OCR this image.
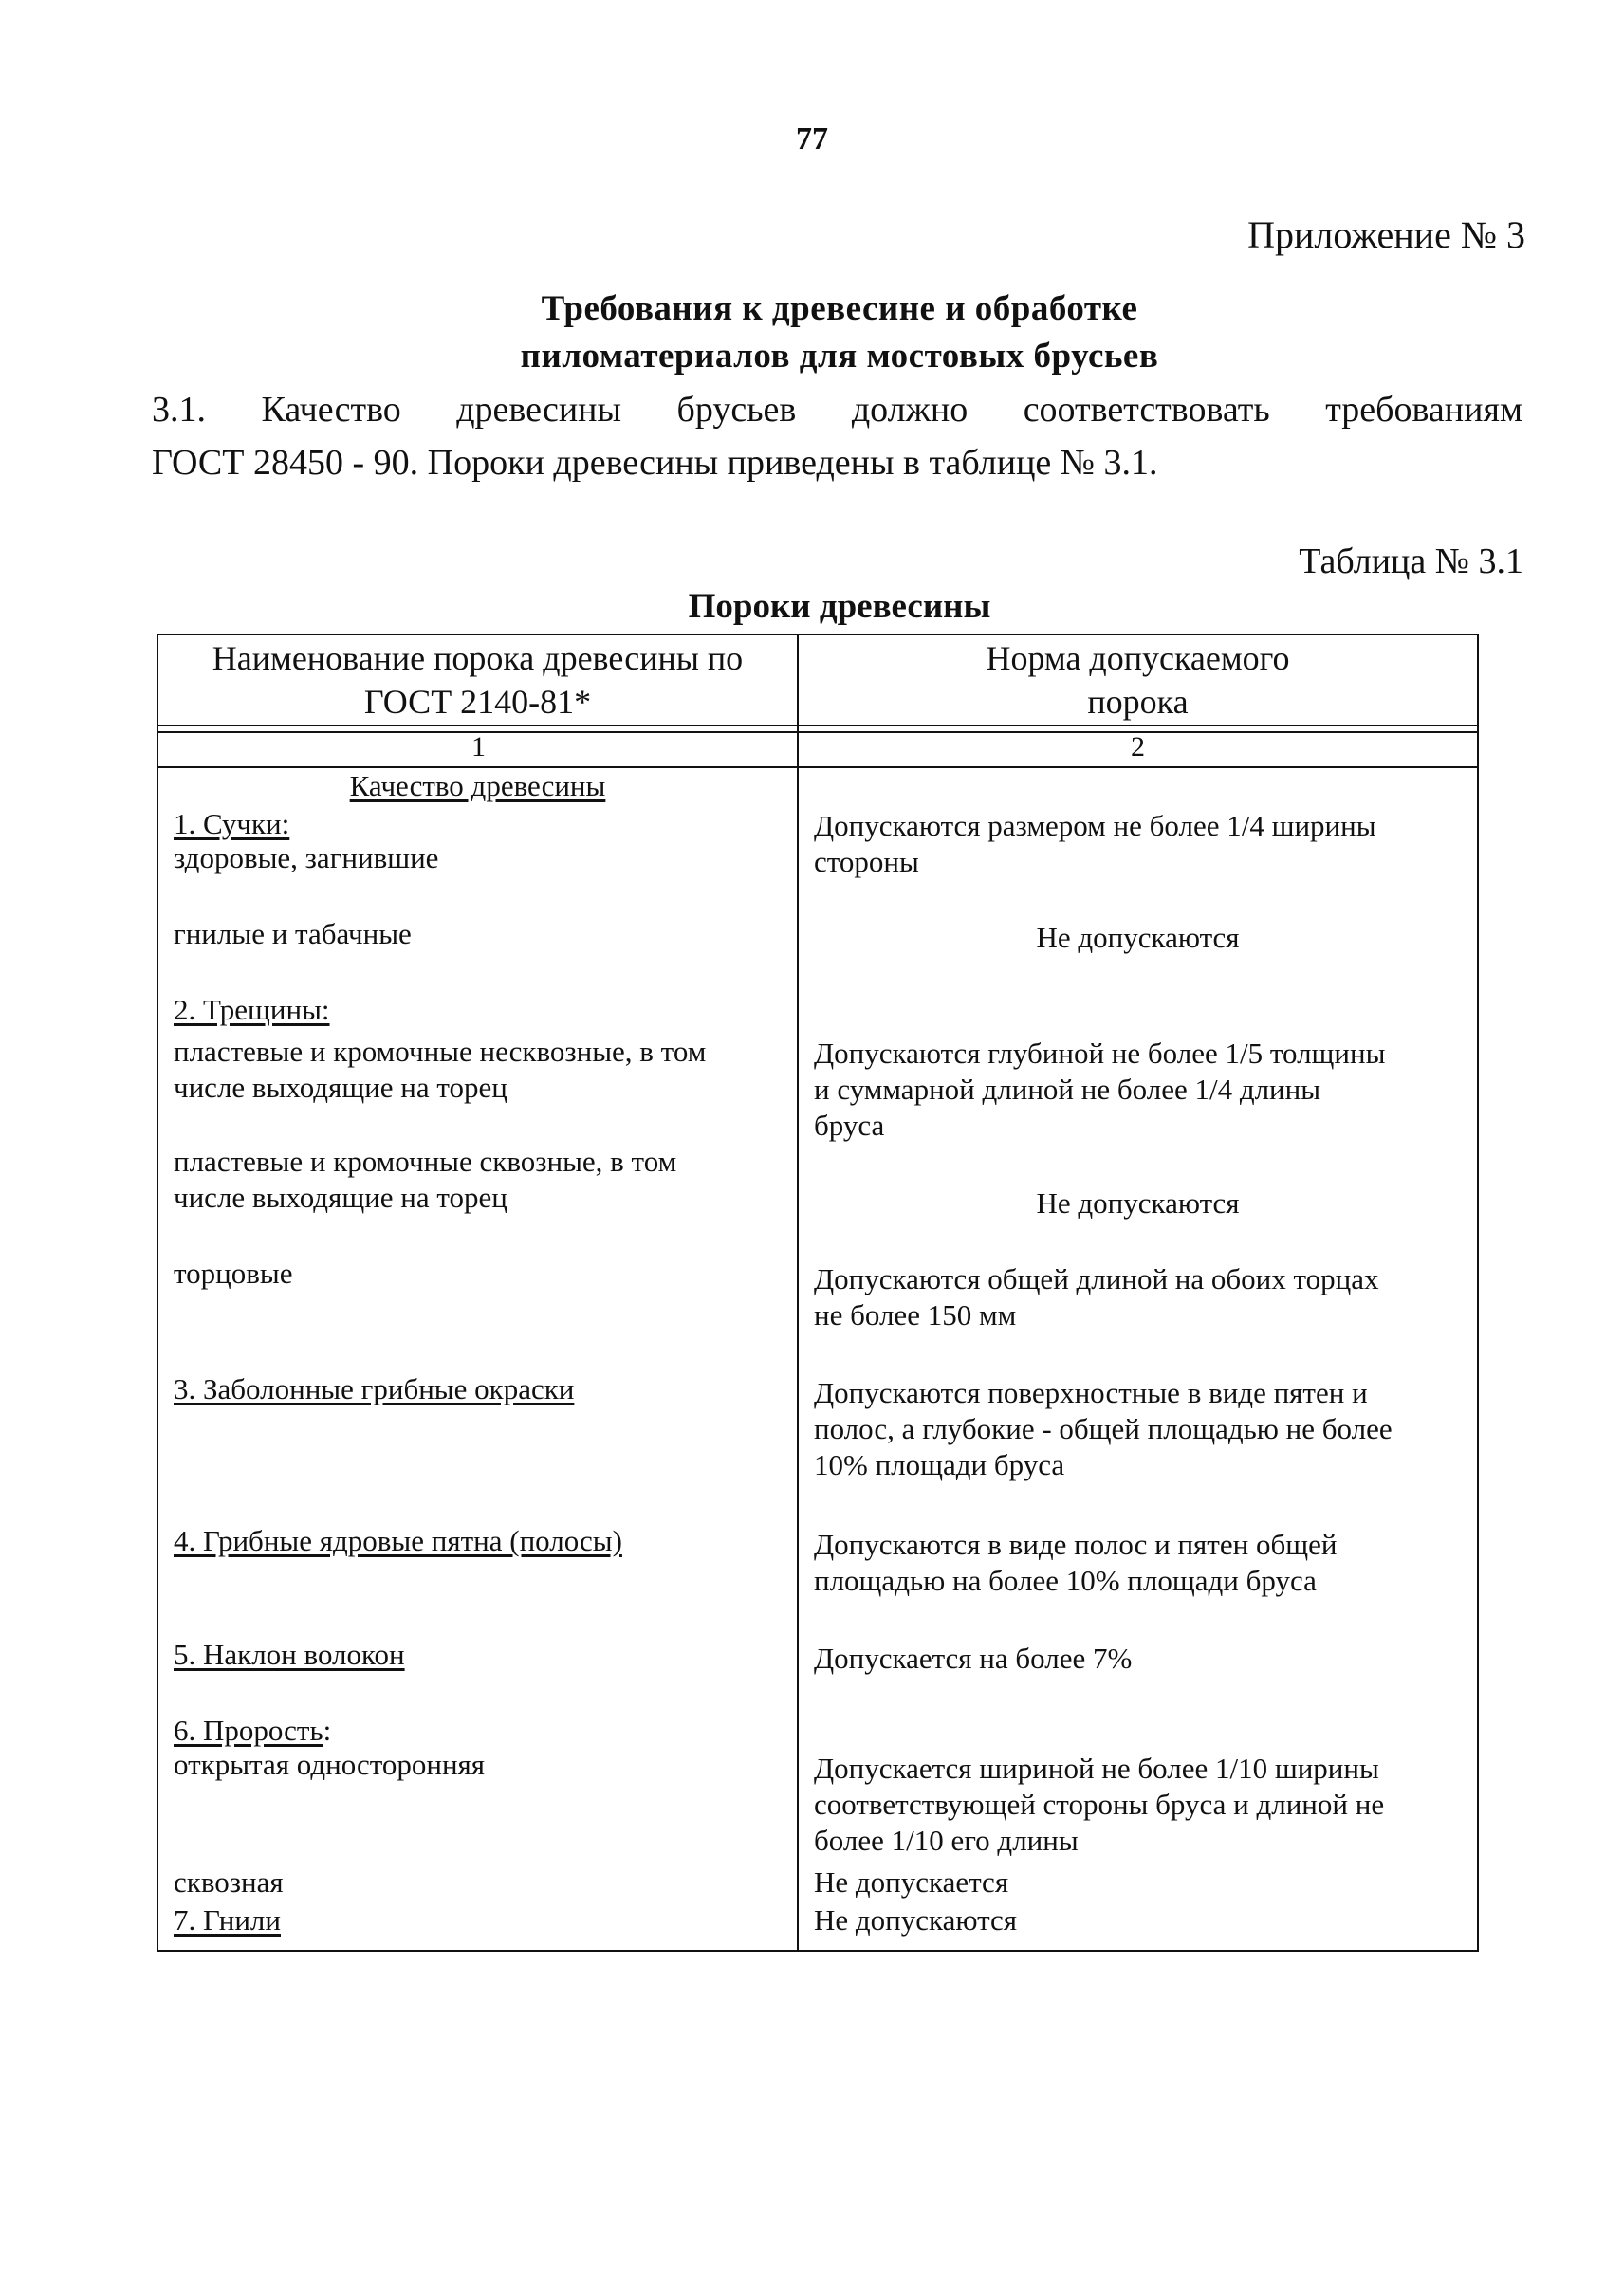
77
Приложение № 3
Требования к древесине и обработке
пиломатериалов для мостовых брусьев
3.1. Качество древесины брусьев должно соответствовать требованиям
ГОСТ 28450 - 90. Пороки древесины приведены в таблице № 3.1.
Таблица № 3.1
Пороки древесины
Наименование порока древесины по
ГОСТ 2140-81*
Норма допускаемого
порока
1	2
Качество древесины
1. Сучки:
здоровые, загнившие
гнилые и табачные
2. Трещины:
пластевые и кромочные несквозные, в том
числе выходящие на торец
пластевые и кромочные сквозные, в том
числе выходящие на торец
торцовые
3. Заболонные грибные окраски
4. Грибные ядровые пятна (полосы)
5. Наклон волокон
6. Прорость:
открытая односторонняя
сквозная
7. Гнили
Допускаются размером не более 1/4 ширины
стороны
Не допускаются
Допускаются глубиной не более 1/5 толщины
и суммарной длиной не более 1/4 длины
бруса
Не допускаются
Допускаются общей длиной на обоих торцах
не более 150 мм
Допускаются поверхностные в виде пятен и
полос, а глубокие - общей площадью не более
10% площади бруса
Допускаются в виде полос и пятен общей
площадью на более 10% площади бруса
Допускается на более 7%
Допускается шириной не более 1/10 ширины
соответствующей стороны бруса и длиной не
более 1/10 его длины
Не допускается
Не допускаются
